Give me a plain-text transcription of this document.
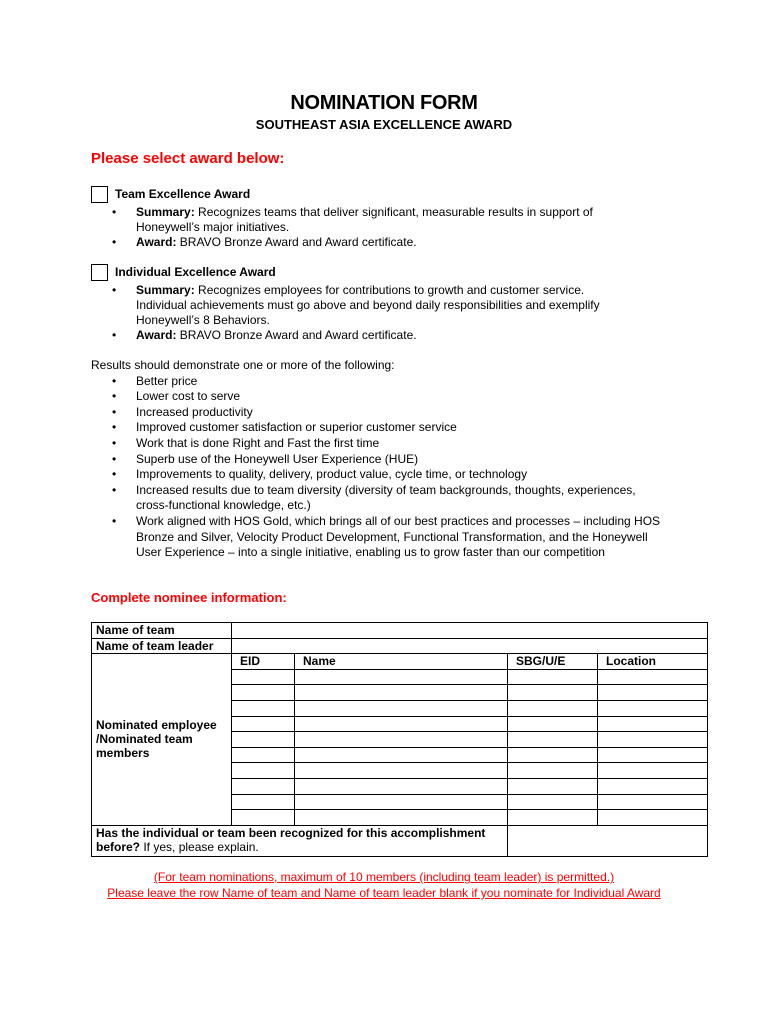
NOMINATION FORM
SOUTHEAST ASIA EXCELLENCE AWARD
Please select award below:
Team Excellence Award
• Summary: Recognizes teams that deliver significant, measurable results in support of Honeywell’s major initiatives.
• Award: BRAVO Bronze Award and Award certificate.
Individual Excellence Award
• Summary: Recognizes employees for contributions to growth and customer service. Individual achievements must go above and beyond daily responsibilities and exemplify Honeywell’s 8 Behaviors.
• Award: BRAVO Bronze Award and Award certificate.
Results should demonstrate one or more of the following:
• Better price
• Lower cost to serve
• Increased productivity
• Improved customer satisfaction or superior customer service
• Work that is done Right and Fast the first time
• Superb use of the Honeywell User Experience (HUE)
• Improvements to quality, delivery, product value, cycle time, or technology
• Increased results due to team diversity (diversity of team backgrounds, thoughts, experiences, cross-functional knowledge, etc.)
• Work aligned with HOS Gold, which brings all of our best practices and processes – including HOS Bronze and Silver, Velocity Product Development, Functional Transformation, and the Honeywell User Experience – into a single initiative, enabling us to grow faster than our competition
Complete nominee information:
Name of team				
Name of team leader				
Nominated employee /Nominated team members	EID	Name	SBG/U/E	Location

Has the individual or team been recognized for this accomplishment before? If yes, please explain.				
(For team nominations, maximum of 10 members (including team leader) is permitted.)
Please leave the row Name of team and Name of team leader blank if you nominate for Individual Award
